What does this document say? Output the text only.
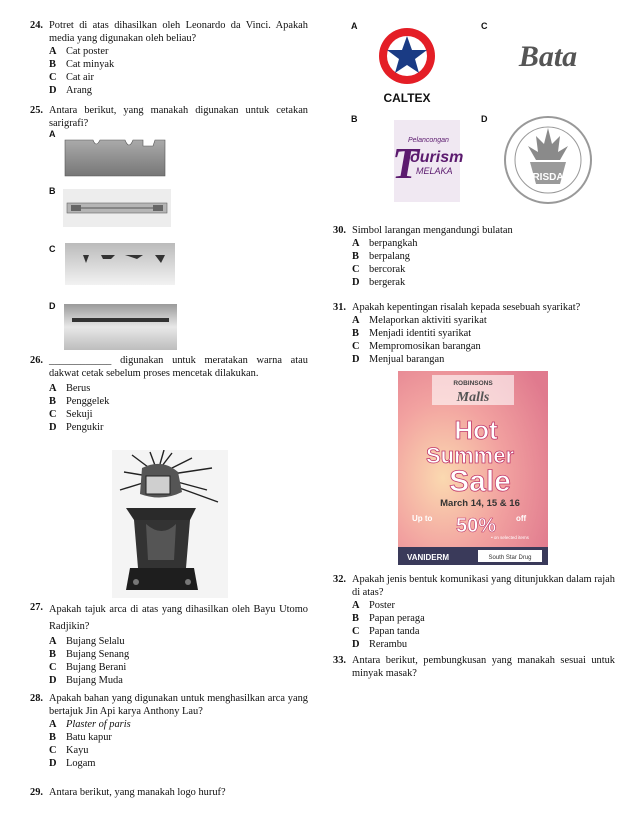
24. Potret di atas dihasilkan oleh Leonardo da Vinci. Apakah media yang digunakan oleh beliau?
A Cat poster
B Cat minyak
C Cat air
D Arang
25. Antara berikut, yang manakah digunakan untuk cetakan sarigrafi?
A
B
C
D
26. ____________ digunakan untuk meratakan warna atau dakwat cetak sebelum proses mencetak dilakukan.
A Berus
B Penggelek
C Sekuji
D Pengukir
27. Apakah tajuk arca di atas yang dihasilkan oleh Bayu Utomo Radjikin?
A Bujang Selalu
B Bujang Senang
C Bujang Berani
D Bujang Muda
28. Apakah bahan yang digunakan untuk menghasilkan arca yang bertajuk Jin Api karya Anthony Lau?
A Plaster of paris
B Batu kapur
C Kayu
D Logam
29. Antara berikut, yang manakah logo huruf?
A
CALTEX
C
Bata
B
T
Pelancongan
ourism
MELAKA
D
RISDA
30. Simbol larangan mengandungi bulatan
A berpangkah
B berpalang
C bercorak
D bergerak
31. Apakah kepentingan risalah kepada sesebuah syarikat?
A Melaporkan aktiviti syarikat
B Menjadi identiti syarikat
C Mempromosikan barangan
D Menjual barangan
ROBINSONS
Malls
Hot
Summer
Sale
March 14, 15 & 16
Up to 50% off
• on selected items
VANIDERM	South Star Drug
32. Apakah jenis bentuk komunikasi yang ditunjukkan dalam rajah di atas?
A Poster
B Papan peraga
C Papan tanda
D Rerambu
33. Antara berikut, pembungkusan yang manakah sesuai untuk minyak masak?
